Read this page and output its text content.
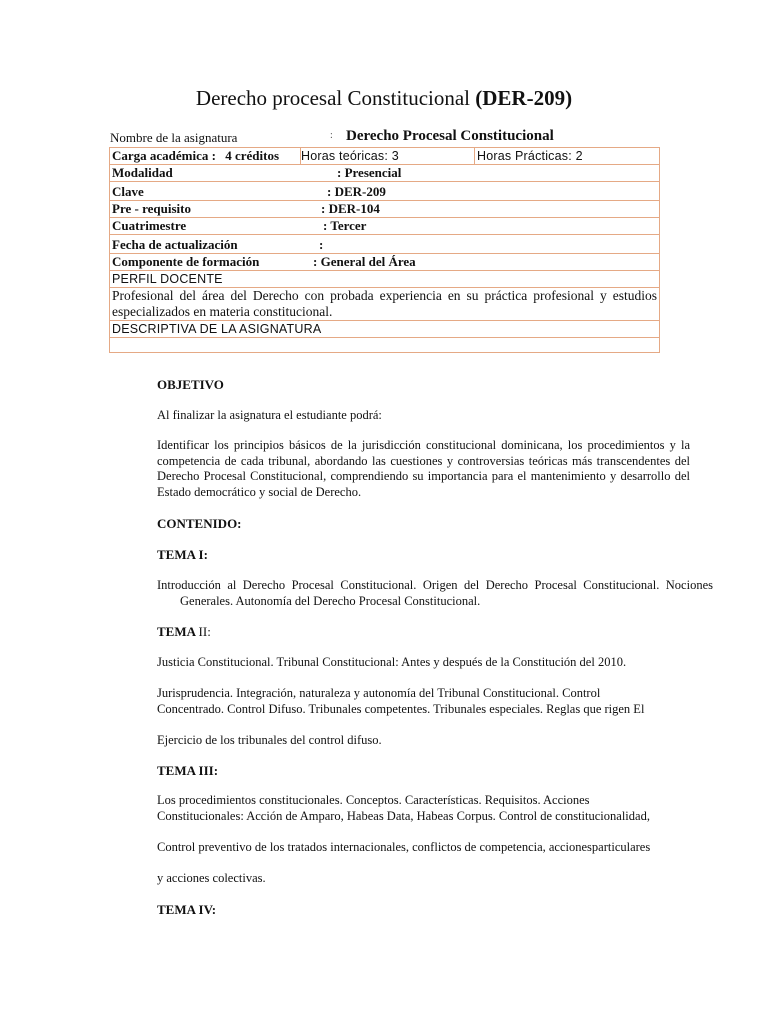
Derecho procesal Constitucional (DER-209)
Nombre de la asignatura	: Derecho Procesal Constitucional
Carga académica : 4 créditos	Horas teóricas: 3	Horas Prácticas: 2

Modalidad	: Presencial

Clave	: DER-209

Pre - requisito	: DER-104

Cuatrimestre	: Tercer

Fecha de actualización	:

Componente de formación	: General del Área

PERFIL DOCENTE
Profesional del área del Derecho con probada experiencia en su práctica profesional y estudios especializados en materia constitucional.
DESCRIPTIVA DE LA ASIGNATURA

OBJETIVO
Al finalizar la asignatura el estudiante podrá:
Identificar los principios básicos de la jurisdicción constitucional dominicana, los procedimientos y la competencia de cada tribunal, abordando las cuestiones y controversias teóricas más transcendentes del Derecho Procesal Constitucional, comprendiendo su importancia para el mantenimiento y desarrollo del Estado democrático y social de Derecho.
CONTENIDO:
TEMA I:
Introducción al Derecho Procesal Constitucional. Origen del Derecho Procesal Constitucional. Nociones Generales. Autonomía del Derecho Procesal Constitucional.
TEMA II:
Justicia Constitucional. Tribunal Constitucional: Antes y después de la Constitución del 2010.
Jurisprudencia. Integración, naturaleza y autonomía del Tribunal Constitucional. Control
Concentrado. Control Difuso. Tribunales competentes. Tribunales especiales. Reglas que rigen El
Ejercicio de los tribunales del control difuso.
TEMA III:
Los procedimientos constitucionales. Conceptos. Características. Requisitos. Acciones
Constitucionales: Acción de Amparo, Habeas Data, Habeas Corpus. Control de constitucionalidad,
Control preventivo de los tratados internacionales, conflictos de competencia, accionesparticulares
y acciones colectivas.
TEMA IV:
